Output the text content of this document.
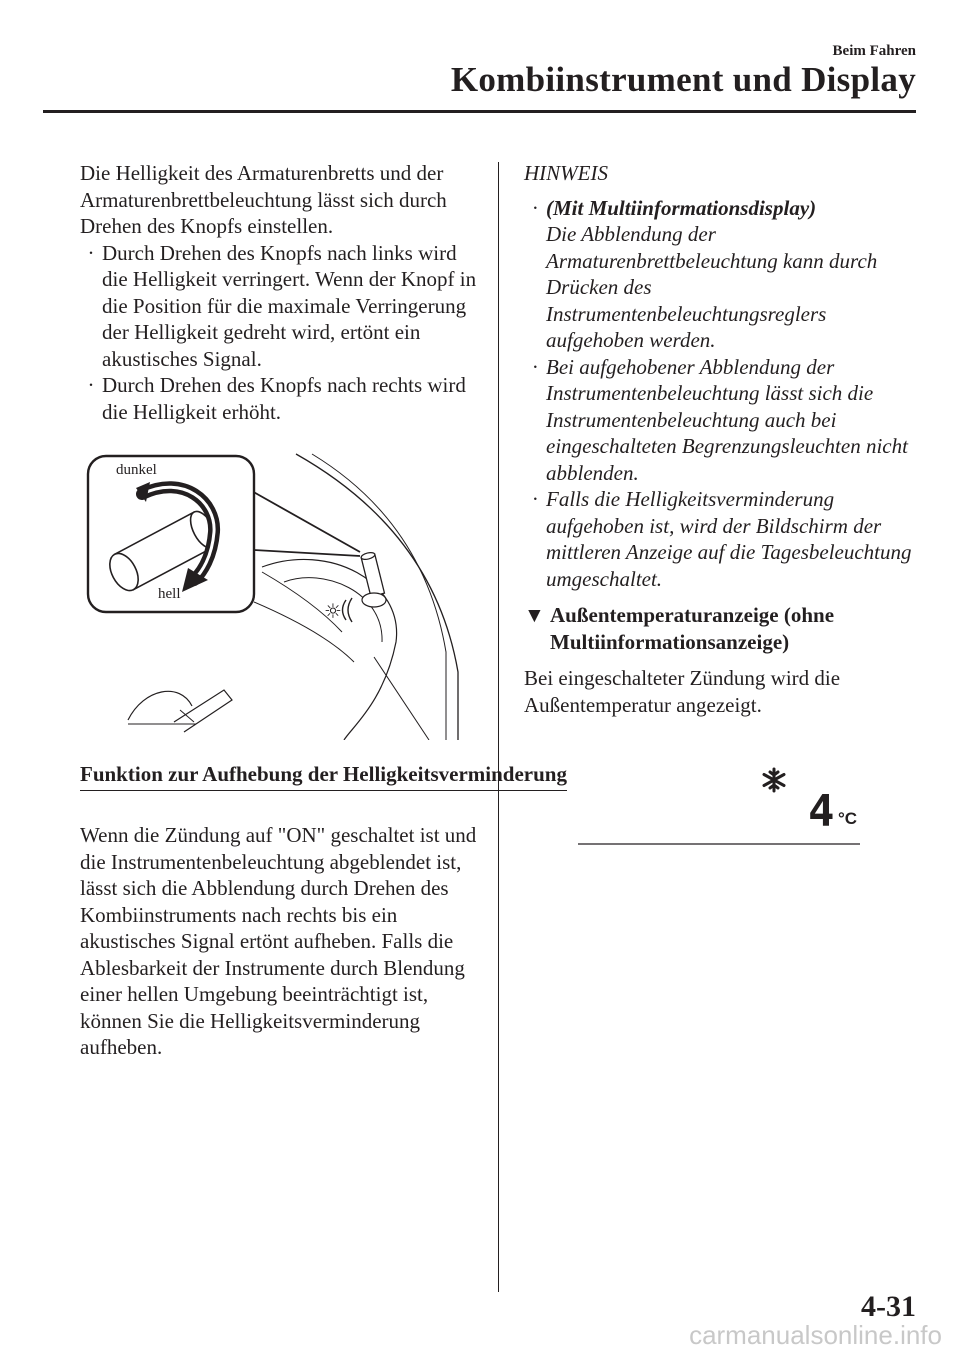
Beim Fahren
Kombiinstrument und Display

Die Helligkeit des Armaturenbretts und der Armaturenbrettbeleuchtung lässt sich durch Drehen des Knopfs einstellen.

· Durch Drehen des Knopfs nach links wird die Helligkeit verringert. Wenn der Knopf in die Position für die maximale Verringerung der Helligkeit gedreht wird, ertönt ein akustisches Signal.
· Durch Drehen des Knopfs nach rechts wird die Helligkeit erhöht.
☼
dunkel
hell
Funktion zur Aufhebung der Helligkeitsverminderung

Wenn die Zündung auf "ON" geschaltet ist und die Instrumentenbeleuchtung abgeblendet ist, lässt sich die Abblendung durch Drehen des Kombiinstruments nach rechts bis ein akustisches Signal ertönt aufheben. Falls die Ablesbarkeit der Instrumente durch Blendung einer hellen Umgebung beeinträchtigt ist, können Sie die Helligkeitsverminderung aufheben.

HINWEIS

· (Mit Multiinformationsdisplay)
Die Abblendung der Armaturenbrettbeleuchtung kann durch Drücken des Instrumentenbeleuchtungsreglers aufgehoben werden.
· Bei aufgehobener Abblendung der Instrumentenbeleuchtung lässt sich die Instrumentenbeleuchtung auch bei eingeschalteten Begrenzungsleuchten nicht abblenden.
· Falls die Helligkeitsverminderung aufgehoben ist, wird der Bildschirm der mittleren Anzeige auf die Tagesbeleuchtung umgeschaltet.
▼ Außentemperaturanzeige (ohne Multiinformationsanzeige)

Bei eingeschalteter Zündung wird die Außentemperatur angezeigt.

4 °C
4-31
carmanualsonline.info
